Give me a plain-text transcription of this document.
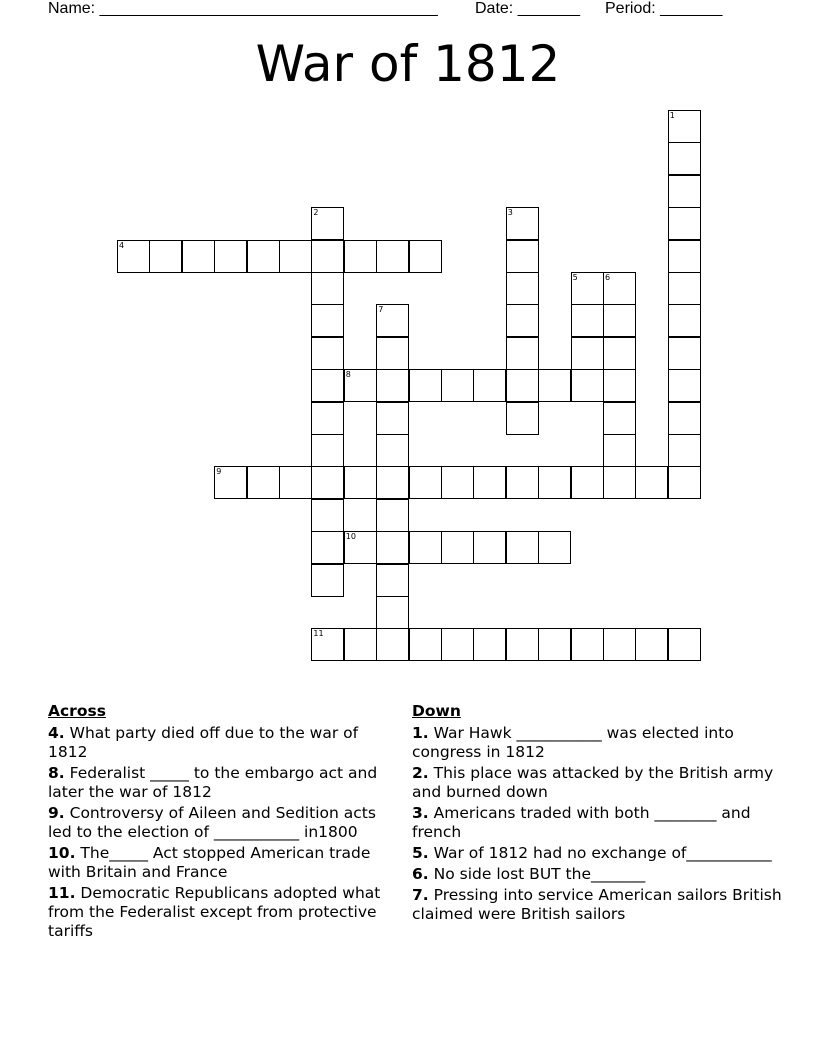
Name: ______________________________________ Date: _______ Period: _______
War of 1812
1
2	3
4
5	6
7
8
9
10
11
Across
4. What party died off due to the war of 1812
8. Federalist _____ to the embargo act and later the war of 1812
9. Controversy of Aileen and Sedition acts led to the election of ___________ in1800
10. The_____ Act stopped American trade with Britain and France
11. Democratic Republicans adopted what from the Federalist except from protective tariffs
Down
1. War Hawk ___________ was elected into congress in 1812
2. This place was attacked by the British army and burned down
3. Americans traded with both ________ and french
5. War of 1812 had no exchange of___________
6. No side lost BUT the_______
7. Pressing into service American sailors British claimed were British sailors
